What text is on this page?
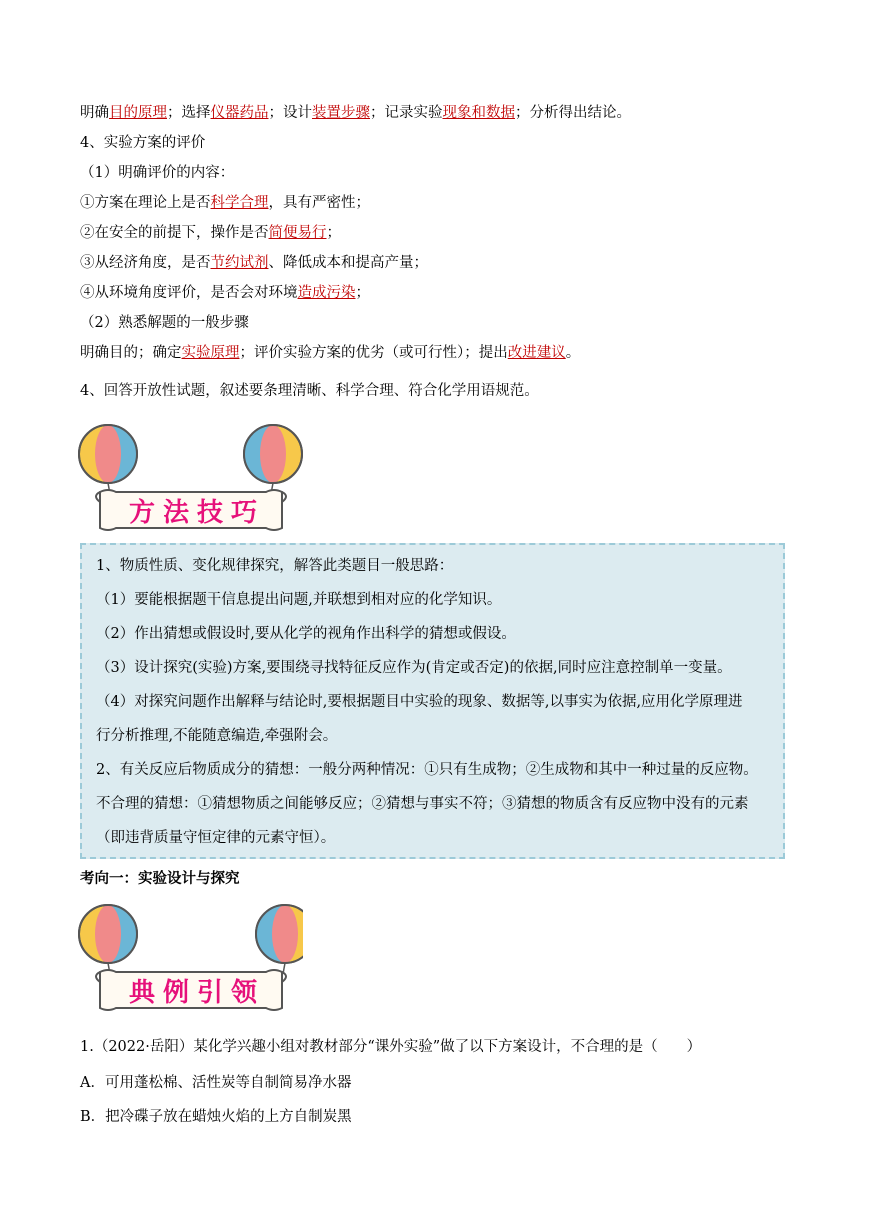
明确目的原理；选择仪器药品；设计装置步骤；记录实验现象和数据；分析得出结论。
4、实验方案的评价
（1）明确评价的内容：
①方案在理论上是否科学合理，具有严密性；
②在安全的前提下，操作是否简便易行；
③从经济角度，是否节约试剂、降低成本和提高产量；
④从环境角度评价，是否会对环境造成污染；
（2）熟悉解题的一般步骤
明确目的；确定实验原理；评价实验方案的优劣（或可行性）；提出改进建议。
4、回答开放性试题，叙述要条理清晰、科学合理、符合化学用语规范。
方法技巧
1、物质性质、变化规律探究，解答此类题目一般思路：
（1）要能根据题干信息提出问题,并联想到相对应的化学知识。
（2）作出猜想或假设时,要从化学的视角作出科学的猜想或假设。
（3）设计探究(实验)方案,要围绕寻找特征反应作为(肯定或否定)的依据,同时应注意控制单一变量。
（4）对探究问题作出解释与结论时,要根据题目中实验的现象、数据等,以事实为依据,应用化学原理进
行分析推理,不能随意编造,牵强附会。
2、有关反应后物质成分的猜想：一般分两种情况：①只有生成物；②生成物和其中一种过量的反应物。
不合理的猜想：①猜想物质之间能够反应；②猜想与事实不符；③猜想的物质含有反应物中没有的元素
（即违背质量守恒定律的元素守恒）。
考向一：实验设计与探究
典例引领
1.（2022·岳阳）某化学兴趣小组对教材部分“课外实验”做了以下方案设计，不合理的是（　　）
A．可用蓬松棉、活性炭等自制简易净水器
B．把冷碟子放在蜡烛火焰的上方自制炭黑
